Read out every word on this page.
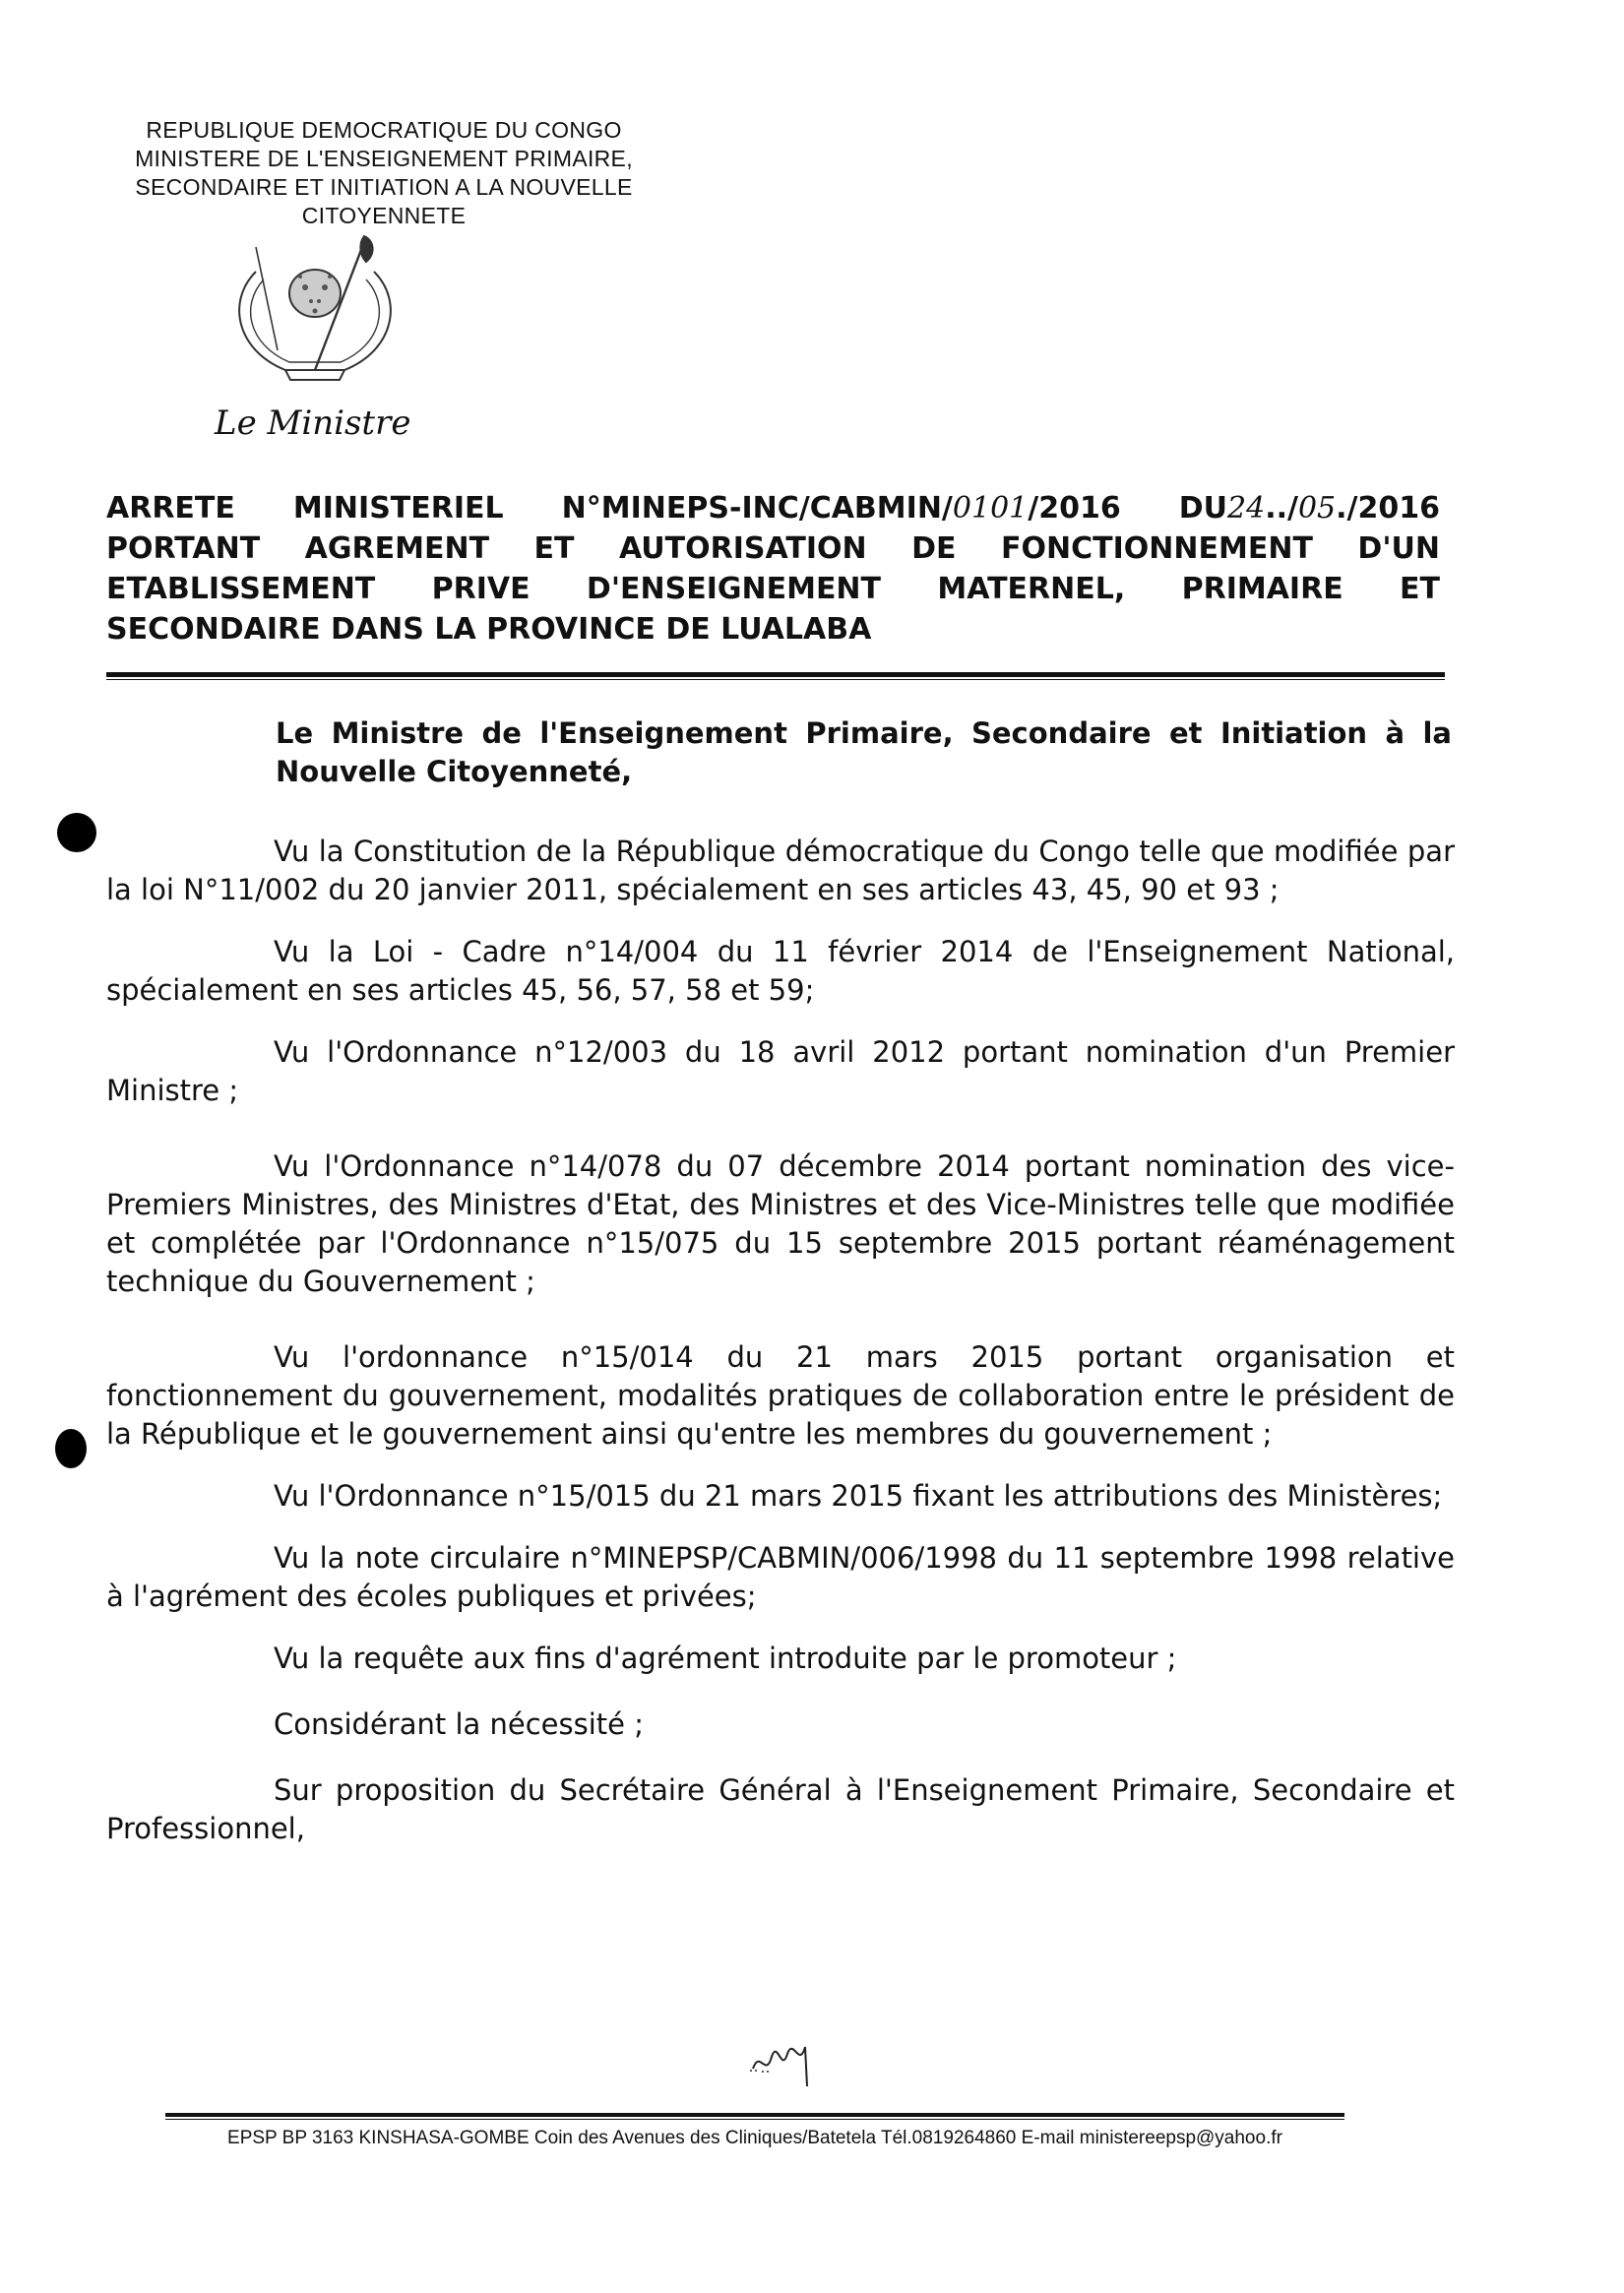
REPUBLIQUE DEMOCRATIQUE DU CONGO
MINISTERE DE L'ENSEIGNEMENT PRIMAIRE,
SECONDAIRE ET INITIATION A LA NOUVELLE
CITOYENNETE
Le Ministre
ARRETE MINISTERIEL N°MINEPS-INC/CABMIN/0101/2016 DU24../05./2016
PORTANT AGREMENT ET AUTORISATION DE FONCTIONNEMENT D'UN
ETABLISSEMENT PRIVE D'ENSEIGNEMENT MATERNEL, PRIMAIRE ET
SECONDAIRE DANS LA PROVINCE DE LUALABA
Le Ministre de l'Enseignement Primaire, Secondaire et Initiation à la Nouvelle Citoyenneté,

Vu la Constitution de la République démocratique du Congo telle que modifiée par la loi N°11/002 du 20 janvier 2011, spécialement en ses articles 43, 45, 90 et 93 ;

Vu la Loi - Cadre n°14/004 du 11 février 2014 de l'Enseignement National, spécialement en ses articles 45, 56, 57, 58 et 59;

Vu l'Ordonnance n°12/003 du 18 avril 2012 portant nomination d'un Premier Ministre ;

Vu l'Ordonnance n°14/078 du 07 décembre 2014 portant nomination des vice-Premiers Ministres, des Ministres d'Etat, des Ministres et des Vice-Ministres telle que modifiée et complétée par l'Ordonnance n°15/075 du 15 septembre 2015 portant réaménagement technique du Gouvernement ;

Vu l'ordonnance n°15/014 du 21 mars 2015 portant organisation et fonctionnement du gouvernement, modalités pratiques de collaboration entre le président de la République et le gouvernement ainsi qu'entre les membres du gouvernement ;

Vu l'Ordonnance n°15/015 du 21 mars 2015 fixant les attributions des Ministères;

Vu la note circulaire n°MINEPSP/CABMIN/006/1998 du 11 septembre 1998 relative à l'agrément des écoles publiques et privées;

Vu la requête aux fins d'agrément introduite par le promoteur ;

Considérant la nécessité ;

Sur proposition du Secrétaire Général à l'Enseignement Primaire, Secondaire et Professionnel,

EPSP BP 3163 KINSHASA-GOMBE Coin des Avenues des Cliniques/Batetela Tél.0819264860 E-mail ministereepsp@yahoo.fr
